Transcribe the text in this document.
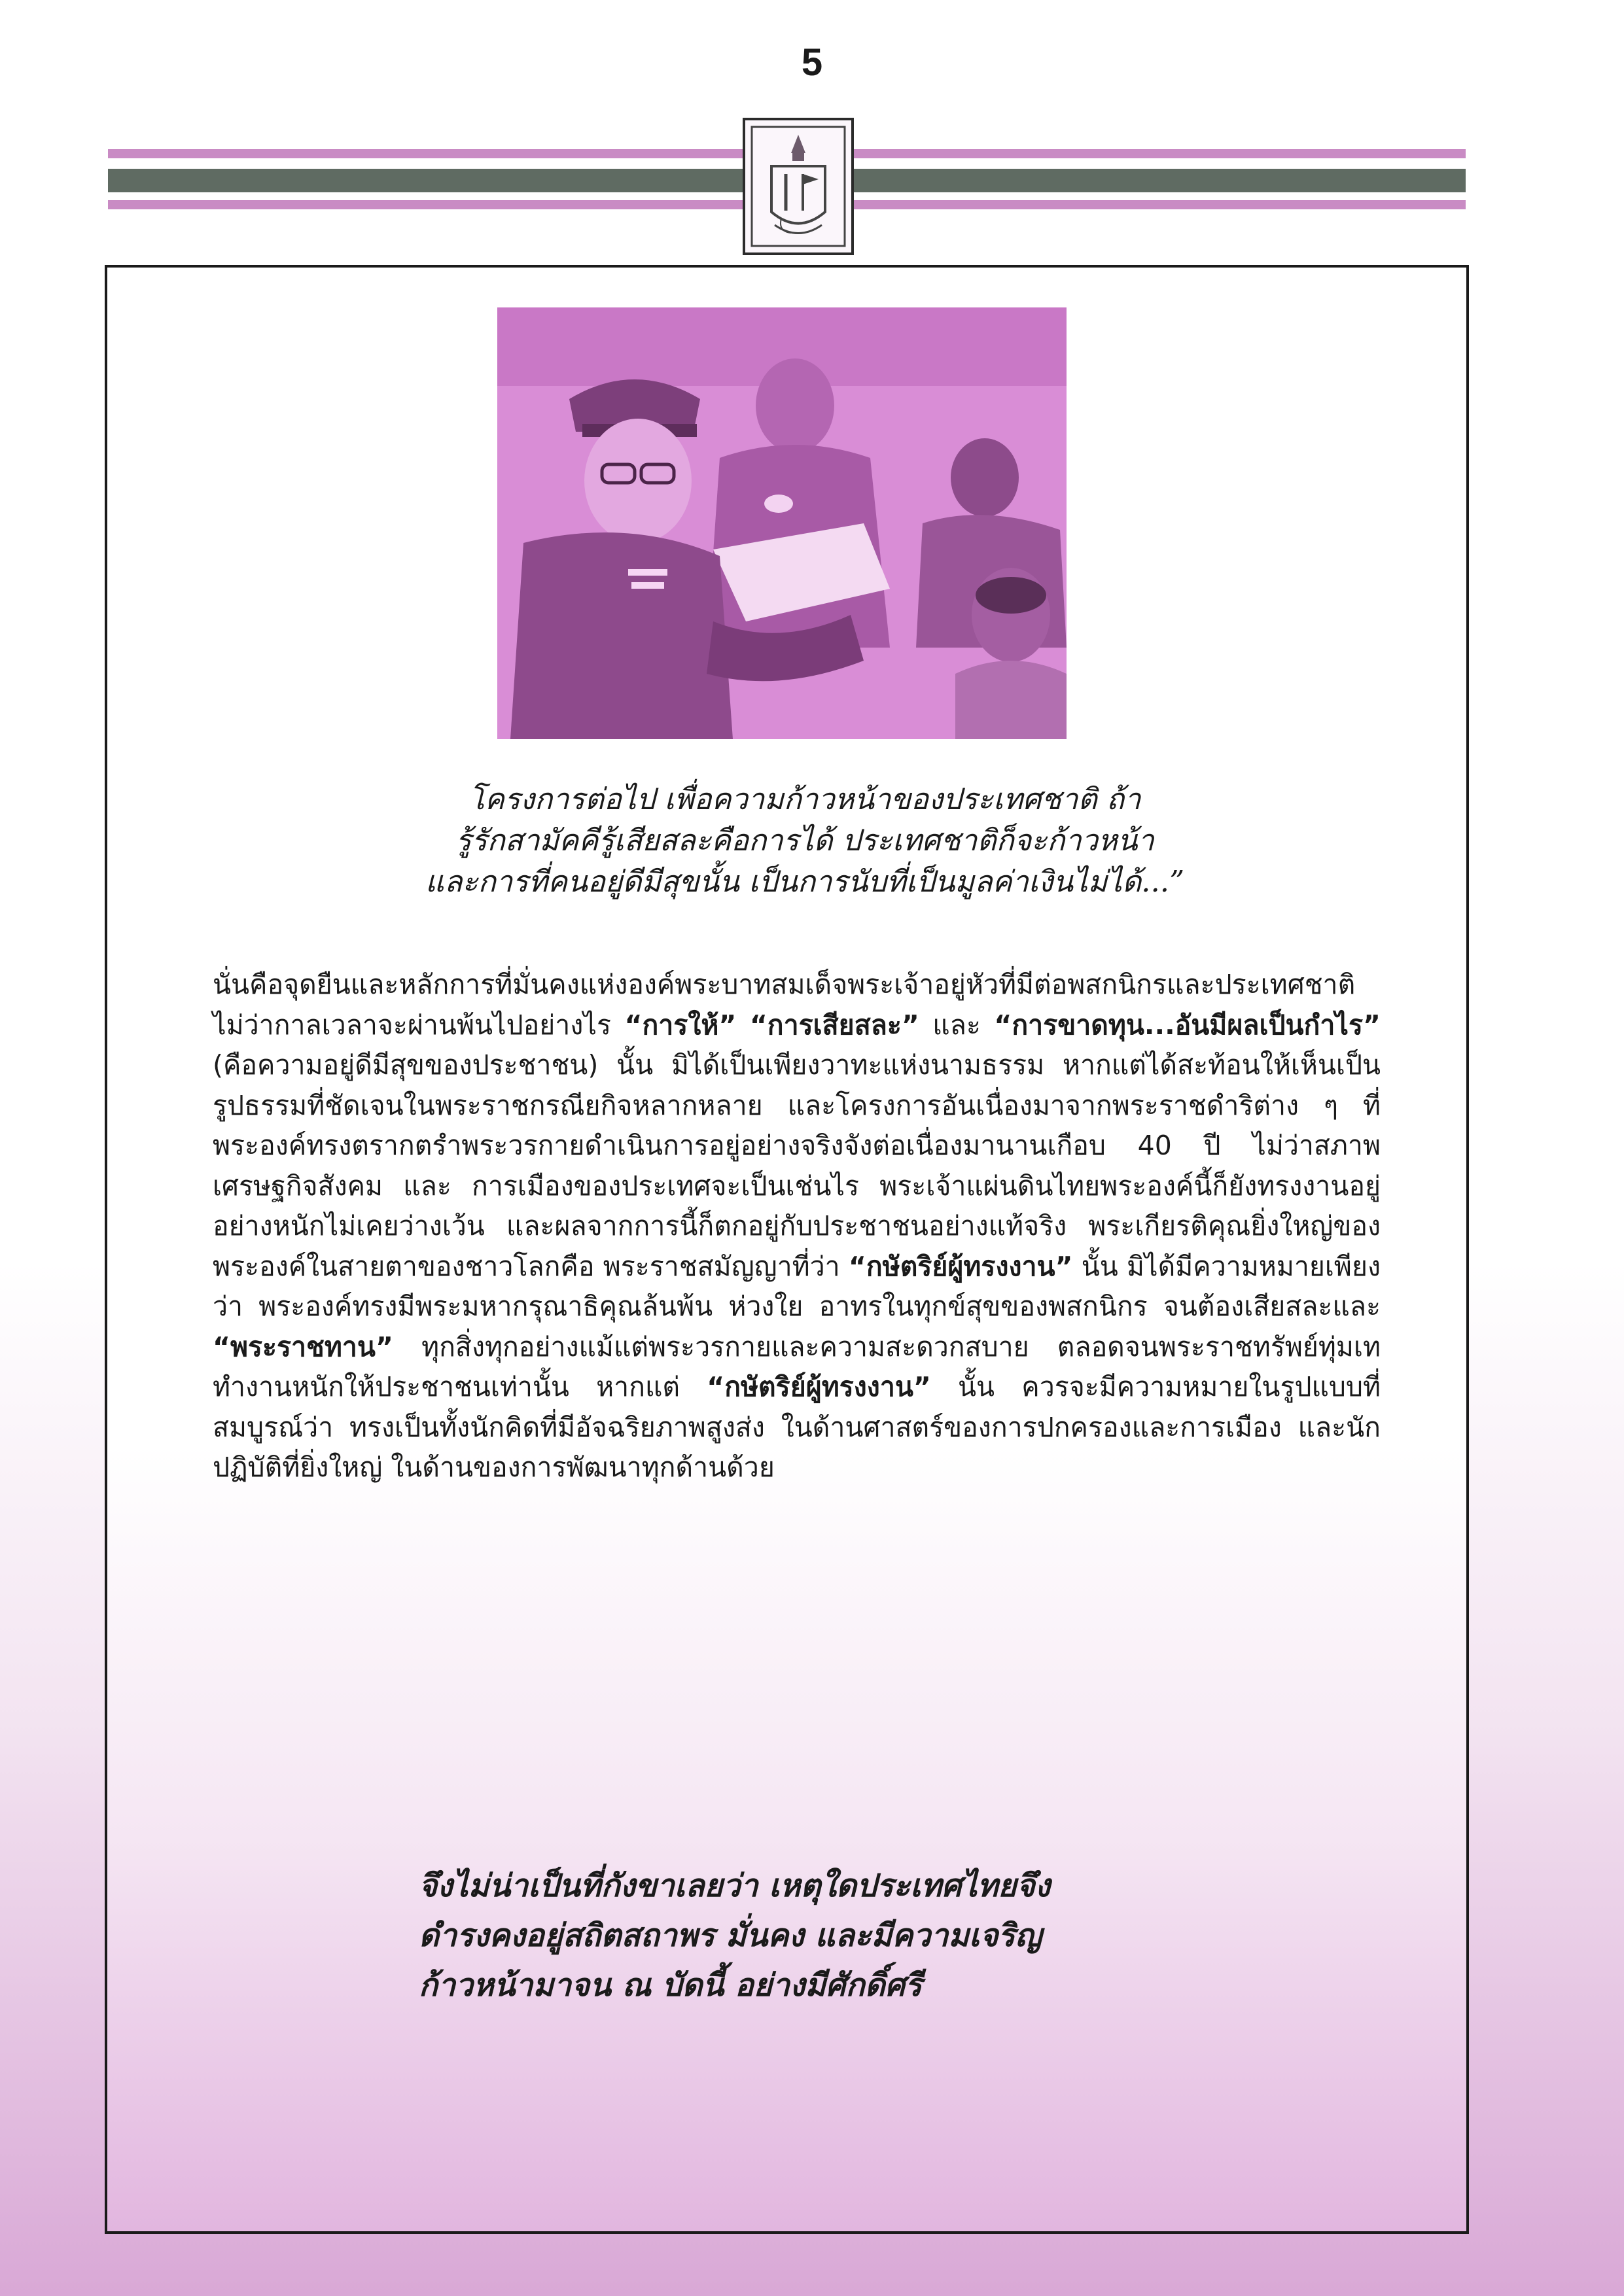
5
โครงการต่อไป เพื่อความก้าวหน้าของประเทศชาติ ถ้า
รู้รักสามัคคีรู้เสียสละคือการได้ ประเทศชาติก็จะก้าวหน้า
และการที่คนอยู่ดีมีสุขนั้น เป็นการนับที่เป็นมูลค่าเงินไม่ได้...”
นั่นคือจุดยืนและหลักการที่มั่นคงแห่งองค์พระบาทสมเด็จพระเจ้าอยู่หัวที่มีต่อพสกนิกรและประเทศชาติ ไม่ว่ากาลเวลาจะผ่านพ้นไปอย่างไร “การให้” “การเสียสละ” และ “การขาดทุน...อันมีผลเป็นกำไร” (คือความอยู่ดีมีสุขของประชาชน) นั้น มิได้เป็นเพียงวาทะแห่งนามธรรม หากแต่ได้สะท้อนให้เห็นเป็นรูปธรรมที่ชัดเจนในพระราชกรณียกิจหลากหลาย และโครงการอันเนื่องมาจากพระราชดำริต่าง ๆ ที่พระองค์ทรงตรากตรำพระวรกายดำเนินการอยู่อย่างจริงจังต่อเนื่องมานานเกือบ 40 ปี ไม่ว่าสภาพเศรษฐกิจสังคม และ การเมืองของประเทศจะเป็นเช่นไร พระเจ้าแผ่นดินไทยพระองค์นี้ก็ยังทรงงานอยู่อย่างหนักไม่เคยว่างเว้น และผลจากการนี้ก็ตกอยู่กับประชาชนอย่างแท้จริง พระเกียรติคุณยิ่งใหญ่ของพระองค์ในสายตาของชาวโลกคือ พระราชสมัญญาที่ว่า “กษัตริย์ผู้ทรงงาน” นั้น มิได้มีความหมายเพียงว่า พระองค์ทรงมีพระมหากรุณาธิคุณล้นพ้น ห่วงใย อาทรในทุกข์สุขของพสกนิกร จนต้องเสียสละและ “พระราชทาน” ทุกสิ่งทุกอย่างแม้แต่พระวรกายและความสะดวกสบาย ตลอดจนพระราชทรัพย์ทุ่มเททำงานหนักให้ประชาชนเท่านั้น หากแต่ “กษัตริย์ผู้ทรงงาน” นั้น ควรจะมีความหมายในรูปแบบที่สมบูรณ์ว่า ทรงเป็นทั้งนักคิดที่มีอัจฉริยภาพสูงส่ง ในด้านศาสตร์ของการปกครองและการเมือง และนักปฏิบัติที่ยิ่งใหญ่ ในด้านของการพัฒนาทุกด้านด้วย
จึงไม่น่าเป็นที่กังขาเลยว่า เหตุใดประเทศไทยจึง
ดำรงคงอยู่สถิตสถาพร มั่นคง และมีความเจริญ
ก้าวหน้ามาจน ณ บัดนี้ อย่างมีศักดิ์ศรี
